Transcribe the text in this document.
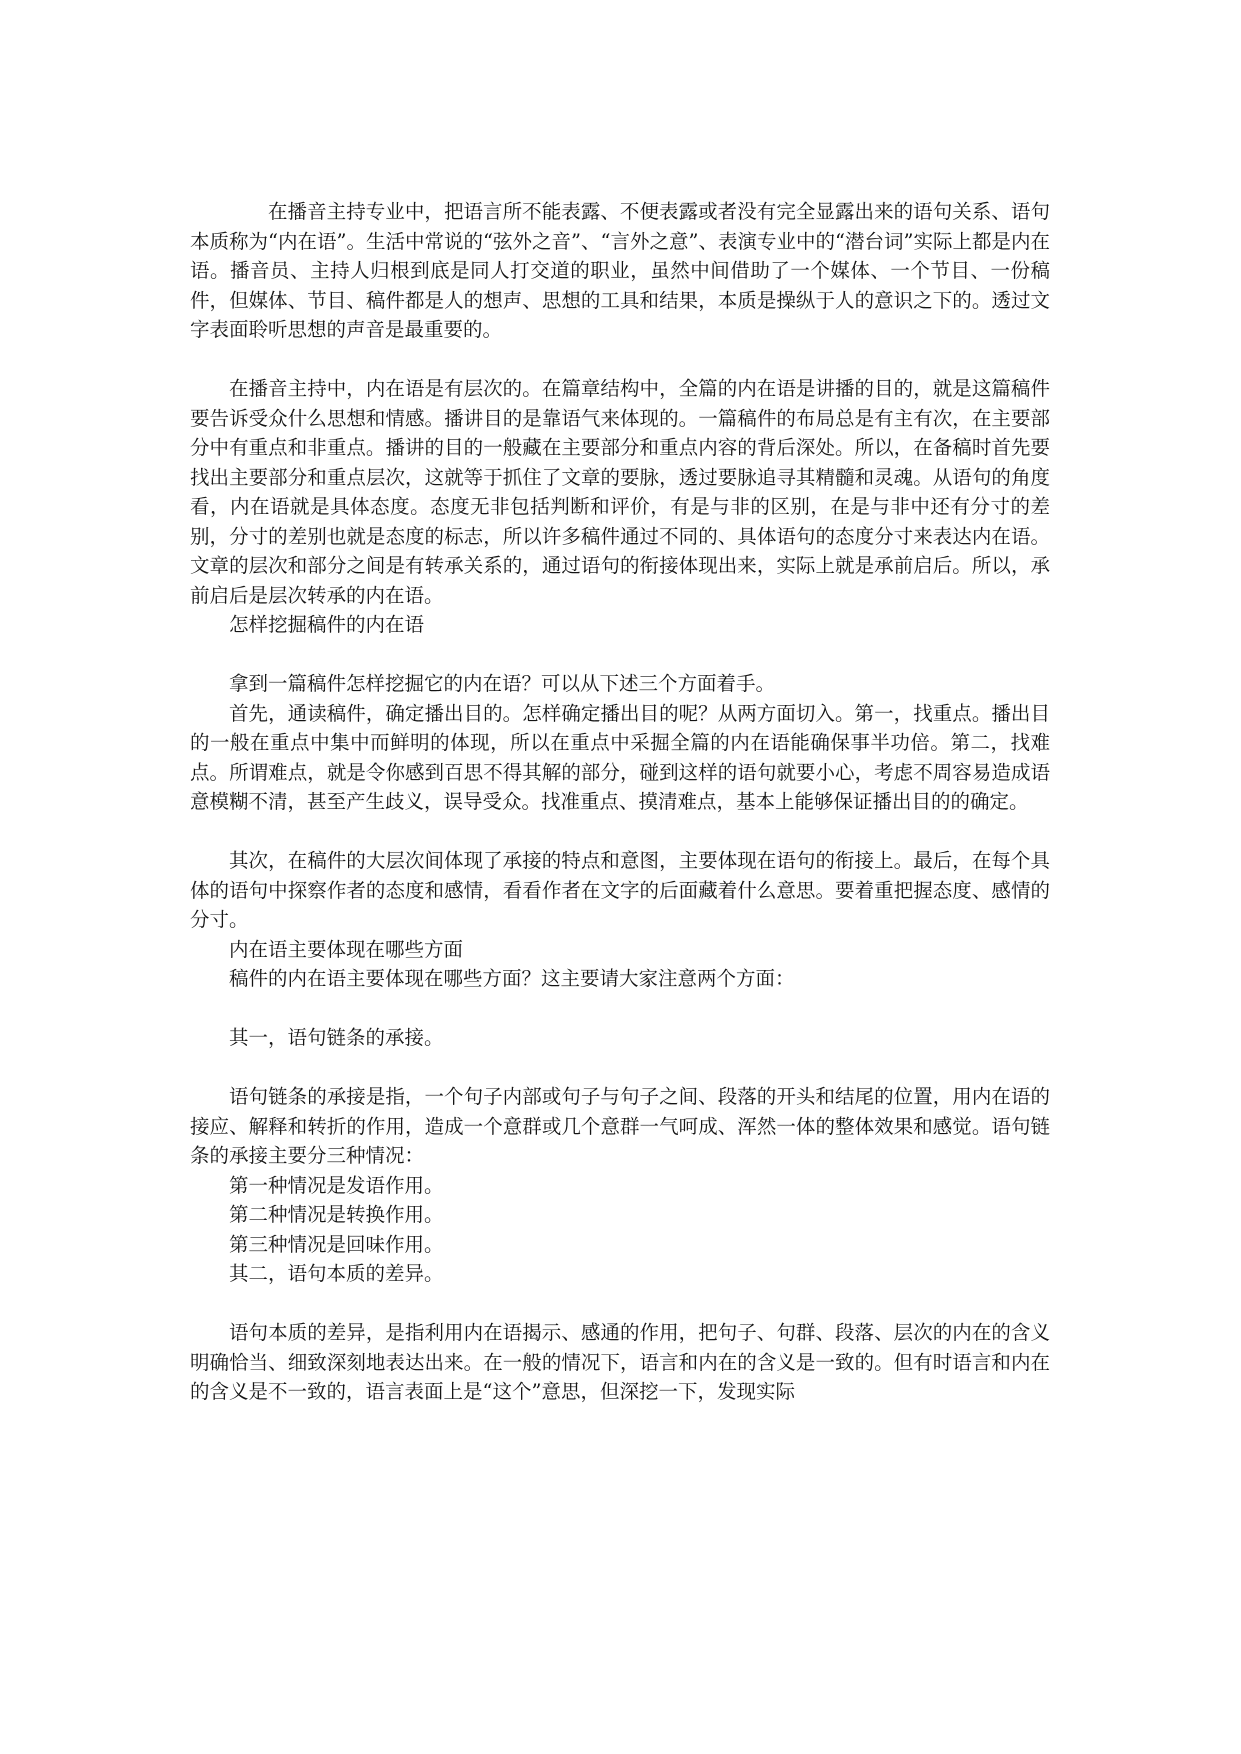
在播音主持专业中，把语言所不能表露、不便表露或者没有完全显露出来的语句关系、语句本质称为“内在语”。生活中常说的“弦外之音”、“言外之意”、表演专业中的“潜台词”实际上都是内在语。播音员、主持人归根到底是同人打交道的职业，虽然中间借助了一个媒体、一个节目、一份稿件，但媒体、节目、稿件都是人的想声、思想的工具和结果，本质是操纵于人的意识之下的。透过文字表面聆听思想的声音是最重要的。

在播音主持中，内在语是有层次的。在篇章结构中，全篇的内在语是讲播的目的，就是这篇稿件要告诉受众什么思想和情感。播讲目的是靠语气来体现的。一篇稿件的布局总是有主有次，在主要部分中有重点和非重点。播讲的目的一般藏在主要部分和重点内容的背后深处。所以，在备稿时首先要找出主要部分和重点层次，这就等于抓住了文章的要脉，透过要脉追寻其精髓和灵魂。从语句的角度看，内在语就是具体态度。态度无非包括判断和评价，有是与非的区别，在是与非中还有分寸的差别，分寸的差别也就是态度的标志，所以许多稿件通过不同的、具体语句的态度分寸来表达内在语。文章的层次和部分之间是有转承关系的，通过语句的衔接体现出来，实际上就是承前启后。所以，承前启后是层次转承的内在语。

怎样挖掘稿件的内在语

拿到一篇稿件怎样挖掘它的内在语？可以从下述三个方面着手。

首先，通读稿件，确定播出目的。怎样确定播出目的呢？从两方面切入。第一，找重点。播出目的一般在重点中集中而鲜明的体现，所以在重点中采掘全篇的内在语能确保事半功倍。第二，找难点。所谓难点，就是令你感到百思不得其解的部分，碰到这样的语句就要小心，考虑不周容易造成语意模糊不清，甚至产生歧义，误导受众。找准重点、摸清难点，基本上能够保证播出目的的确定。

其次，在稿件的大层次间体现了承接的特点和意图，主要体现在语句的衔接上。最后，在每个具体的语句中探察作者的态度和感情，看看作者在文字的后面藏着什么意思。要着重把握态度、感情的分寸。

内在语主要体现在哪些方面

稿件的内在语主要体现在哪些方面？这主要请大家注意两个方面：

其一，语句链条的承接。

语句链条的承接是指，一个句子内部或句子与句子之间、段落的开头和结尾的位置，用内在语的接应、解释和转折的作用，造成一个意群或几个意群一气呵成、浑然一体的整体效果和感觉。语句链条的承接主要分三种情况：

第一种情况是发语作用。

第二种情况是转换作用。

第三种情况是回味作用。

其二，语句本质的差异。

语句本质的差异，是指利用内在语揭示、感通的作用，把句子、句群、段落、层次的内在的含义明确恰当、细致深刻地表达出来。在一般的情况下，语言和内在的含义是一致的。但有时语言和内在的含义是不一致的，语言表面上是“这个”意思，但深挖一下，发现实际
